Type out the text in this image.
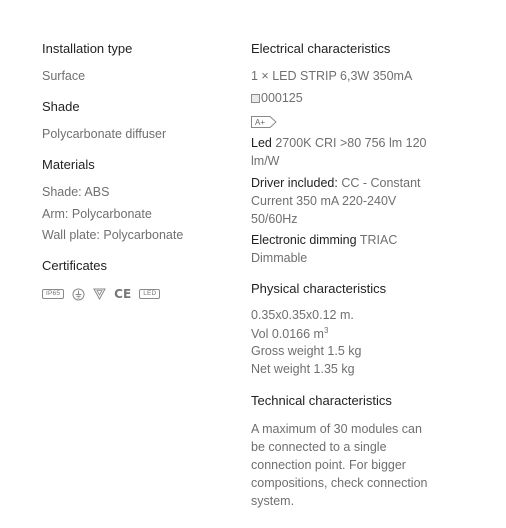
Installation type
Surface
Shade
Polycarbonate diffuser
Materials
Shade: ABS
Arm: Polycarbonate
Wall plate: Polycarbonate
Certificates
IP65	CE	LED
Electrical characteristics
1 × LED STRIP 6,3W 350mA
000125
A+
Led 2700K CRI >80 756 lm 120 lm/W
Driver included: CC - Constant Current 350 mA 220-240V 50/60Hz
Electronic dimming TRIAC Dimmable
Physical characteristics
0.35x0.35x0.12 m.
Vol 0.0166 $m^3$
Gross weight 1.5 kg
Net weight 1.35 kg
Technical characteristics
A maximum of 30 modules can be connected to a single connection point. For bigger compositions, check connection system.
